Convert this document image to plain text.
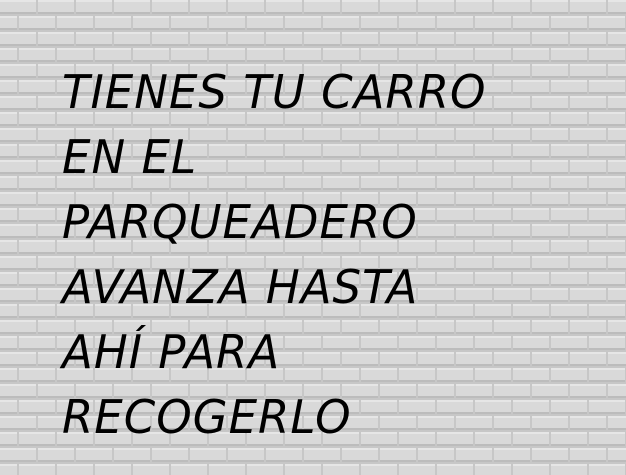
TIENES TU CARRO
EN EL
PARQUEADERO
AVANZA HASTA
AHÍ PARA
RECOGERLO
